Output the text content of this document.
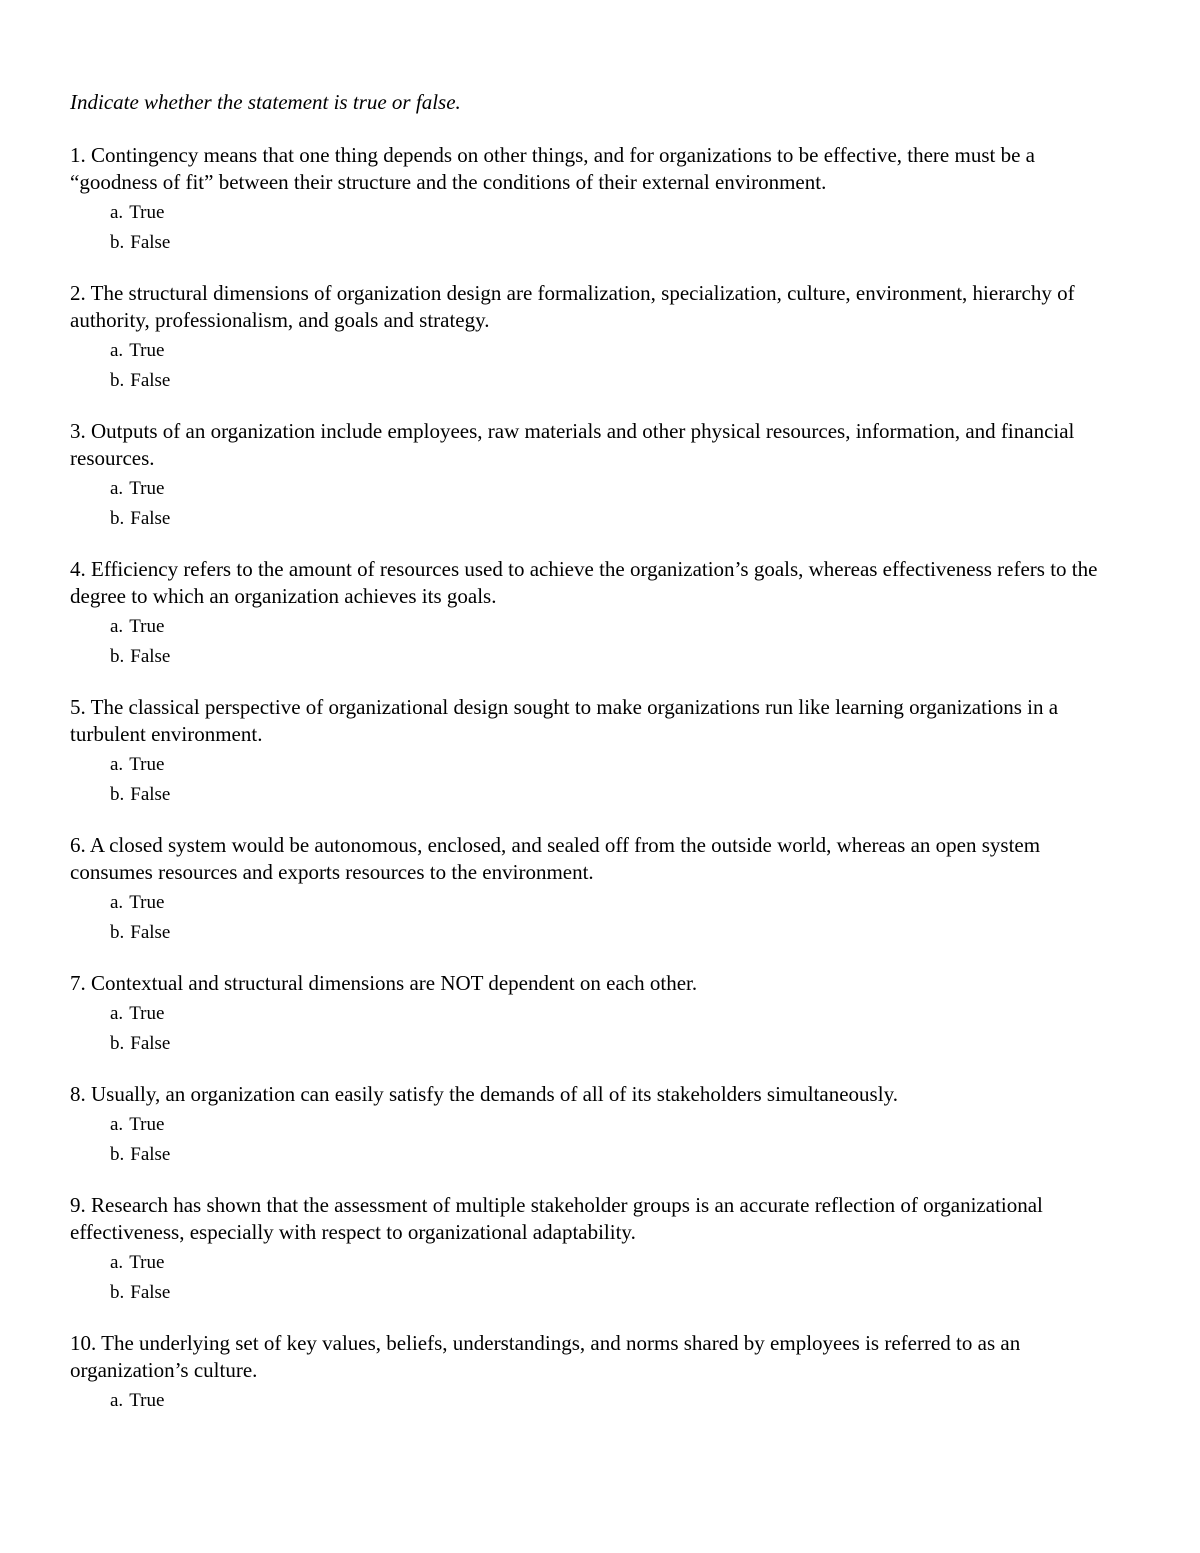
Indicate whether the statement is true or false.

1. Contingency means that one thing depends on other things, and for organizations to be effective, there must be a “goodness of fit” between their structure and the conditions of their external environment.

a. True
b. False

2. The structural dimensions of organization design are formalization, specialization, culture, environment, hierarchy of authority, professionalism, and goals and strategy.

a. True
b. False

3. Outputs of an organization include employees, raw materials and other physical resources, information, and financial resources.

a. True
b. False

4. Efficiency refers to the amount of resources used to achieve the organization’s goals, whereas effectiveness refers to the degree to which an organization achieves its goals.

a. True
b. False

5. The classical perspective of organizational design sought to make organizations run like learning organizations in a turbulent environment.

a. True
b. False

6. A closed system would be autonomous, enclosed, and sealed off from the outside world, whereas an open system consumes resources and exports resources to the environment.

a. True
b. False

7. Contextual and structural dimensions are NOT dependent on each other.

a. True
b. False

8. Usually, an organization can easily satisfy the demands of all of its stakeholders simultaneously.

a. True
b. False

9. Research has shown that the assessment of multiple stakeholder groups is an accurate reflection of organizational effectiveness, especially with respect to organizational adaptability.

a. True
b. False

10. The underlying set of key values, beliefs, understandings, and norms shared by employees is referred to as an organization’s culture.

a. True
